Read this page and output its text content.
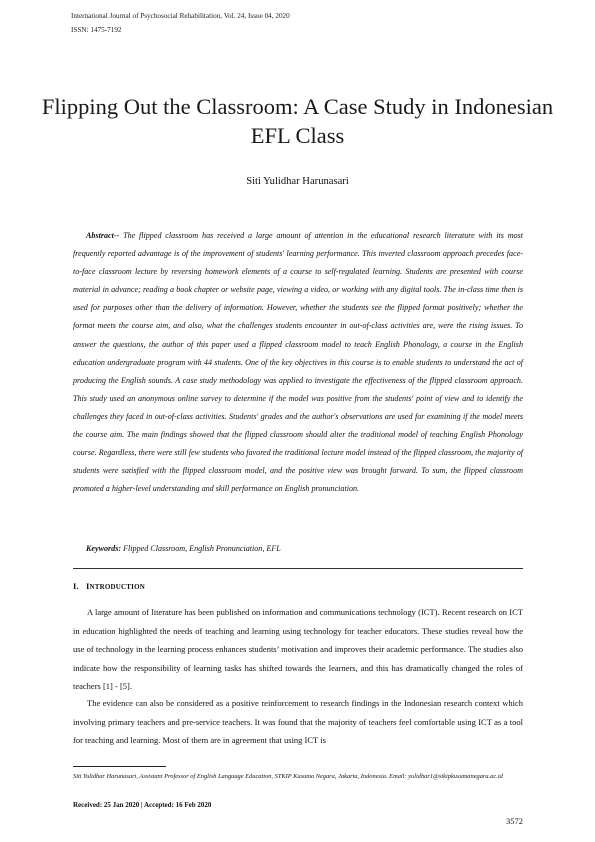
International Journal of Psychosocial Rehabilitation, Vol. 24, Issue 04, 2020
ISSN: 1475-7192
Flipping Out the Classroom: A Case Study in Indonesian EFL Class
Siti Yulidhar Harunasari

Abstract-- The flipped classroom has received a large amount of attention in the educational research literature with its most frequently reported advantage is of the improvement of students' learning performance. This inverted classroom approach precedes face-to-face classroom lecture by reversing homework elements of a course to self-regulated learning. Students are presented with course material in advance; reading a book chapter or website page, viewing a video, or working with any digital tools. The in-class time then is used for purposes other than the delivery of information. However, whether the students see the flipped format positively; whether the format meets the course aim, and also, what the challenges students encounter in out-of-class activities are, were the rising issues. To answer the questions, the author of this paper used a flipped classroom model to teach English Phonology, a course in the English education undergraduate program with 44 students. One of the key objectives in this course is to enable students to understand the act of producing the English sounds. A case study methodology was applied to investigate the effectiveness of the flipped classroom approach. This study used an anonymous online survey to determine if the model was positive from the students' point of view and to identify the challenges they faced in out-of-class activities. Students' grades and the author's observations are used for examining if the model meets the course aim. The main findings showed that the flipped classroom should alter the traditional model of teaching English Phonology course. Regardless, there were still few students who favored the traditional lecture model instead of the flipped classroom, the majority of students were satisfied with the flipped classroom model, and the positive view was brought forward. To sum, the flipped classroom promoted a higher-level understanding and skill performance on English pronunciation.

Keywords: Flipped Classroom, English Pronunciation, EFL
I. INTRODUCTION

A large amount of literature has been published on information and communications technology (ICT). Recent research on ICT in education highlighted the needs of teaching and learning using technology for teacher educators. These studies reveal how the use of technology in the learning process enhances students’ motivation and improves their academic performance. The studies also indicate how the responsibility of learning tasks has shifted towards the learners, and this has dramatically changed the roles of teachers [1] - [5].

The evidence can also be considered as a positive reinforcement to research findings in the Indonesian research context which involving primary teachers and pre-service teachers. It was found that the majority of teachers feel comfortable using ICT as a tool for teaching and learning. Most of them are in agreement that using ICT is

Siti Yulidhar Harunasari, Assistant Professor of English Language Education, STKIP Kusuma Negara, Jakarta, Indonesia. Email: yulidhar1@stkipkusumanegara.ac.id

Received: 25 Jan 2020 | Accepted: 16 Feb 2020
3572
